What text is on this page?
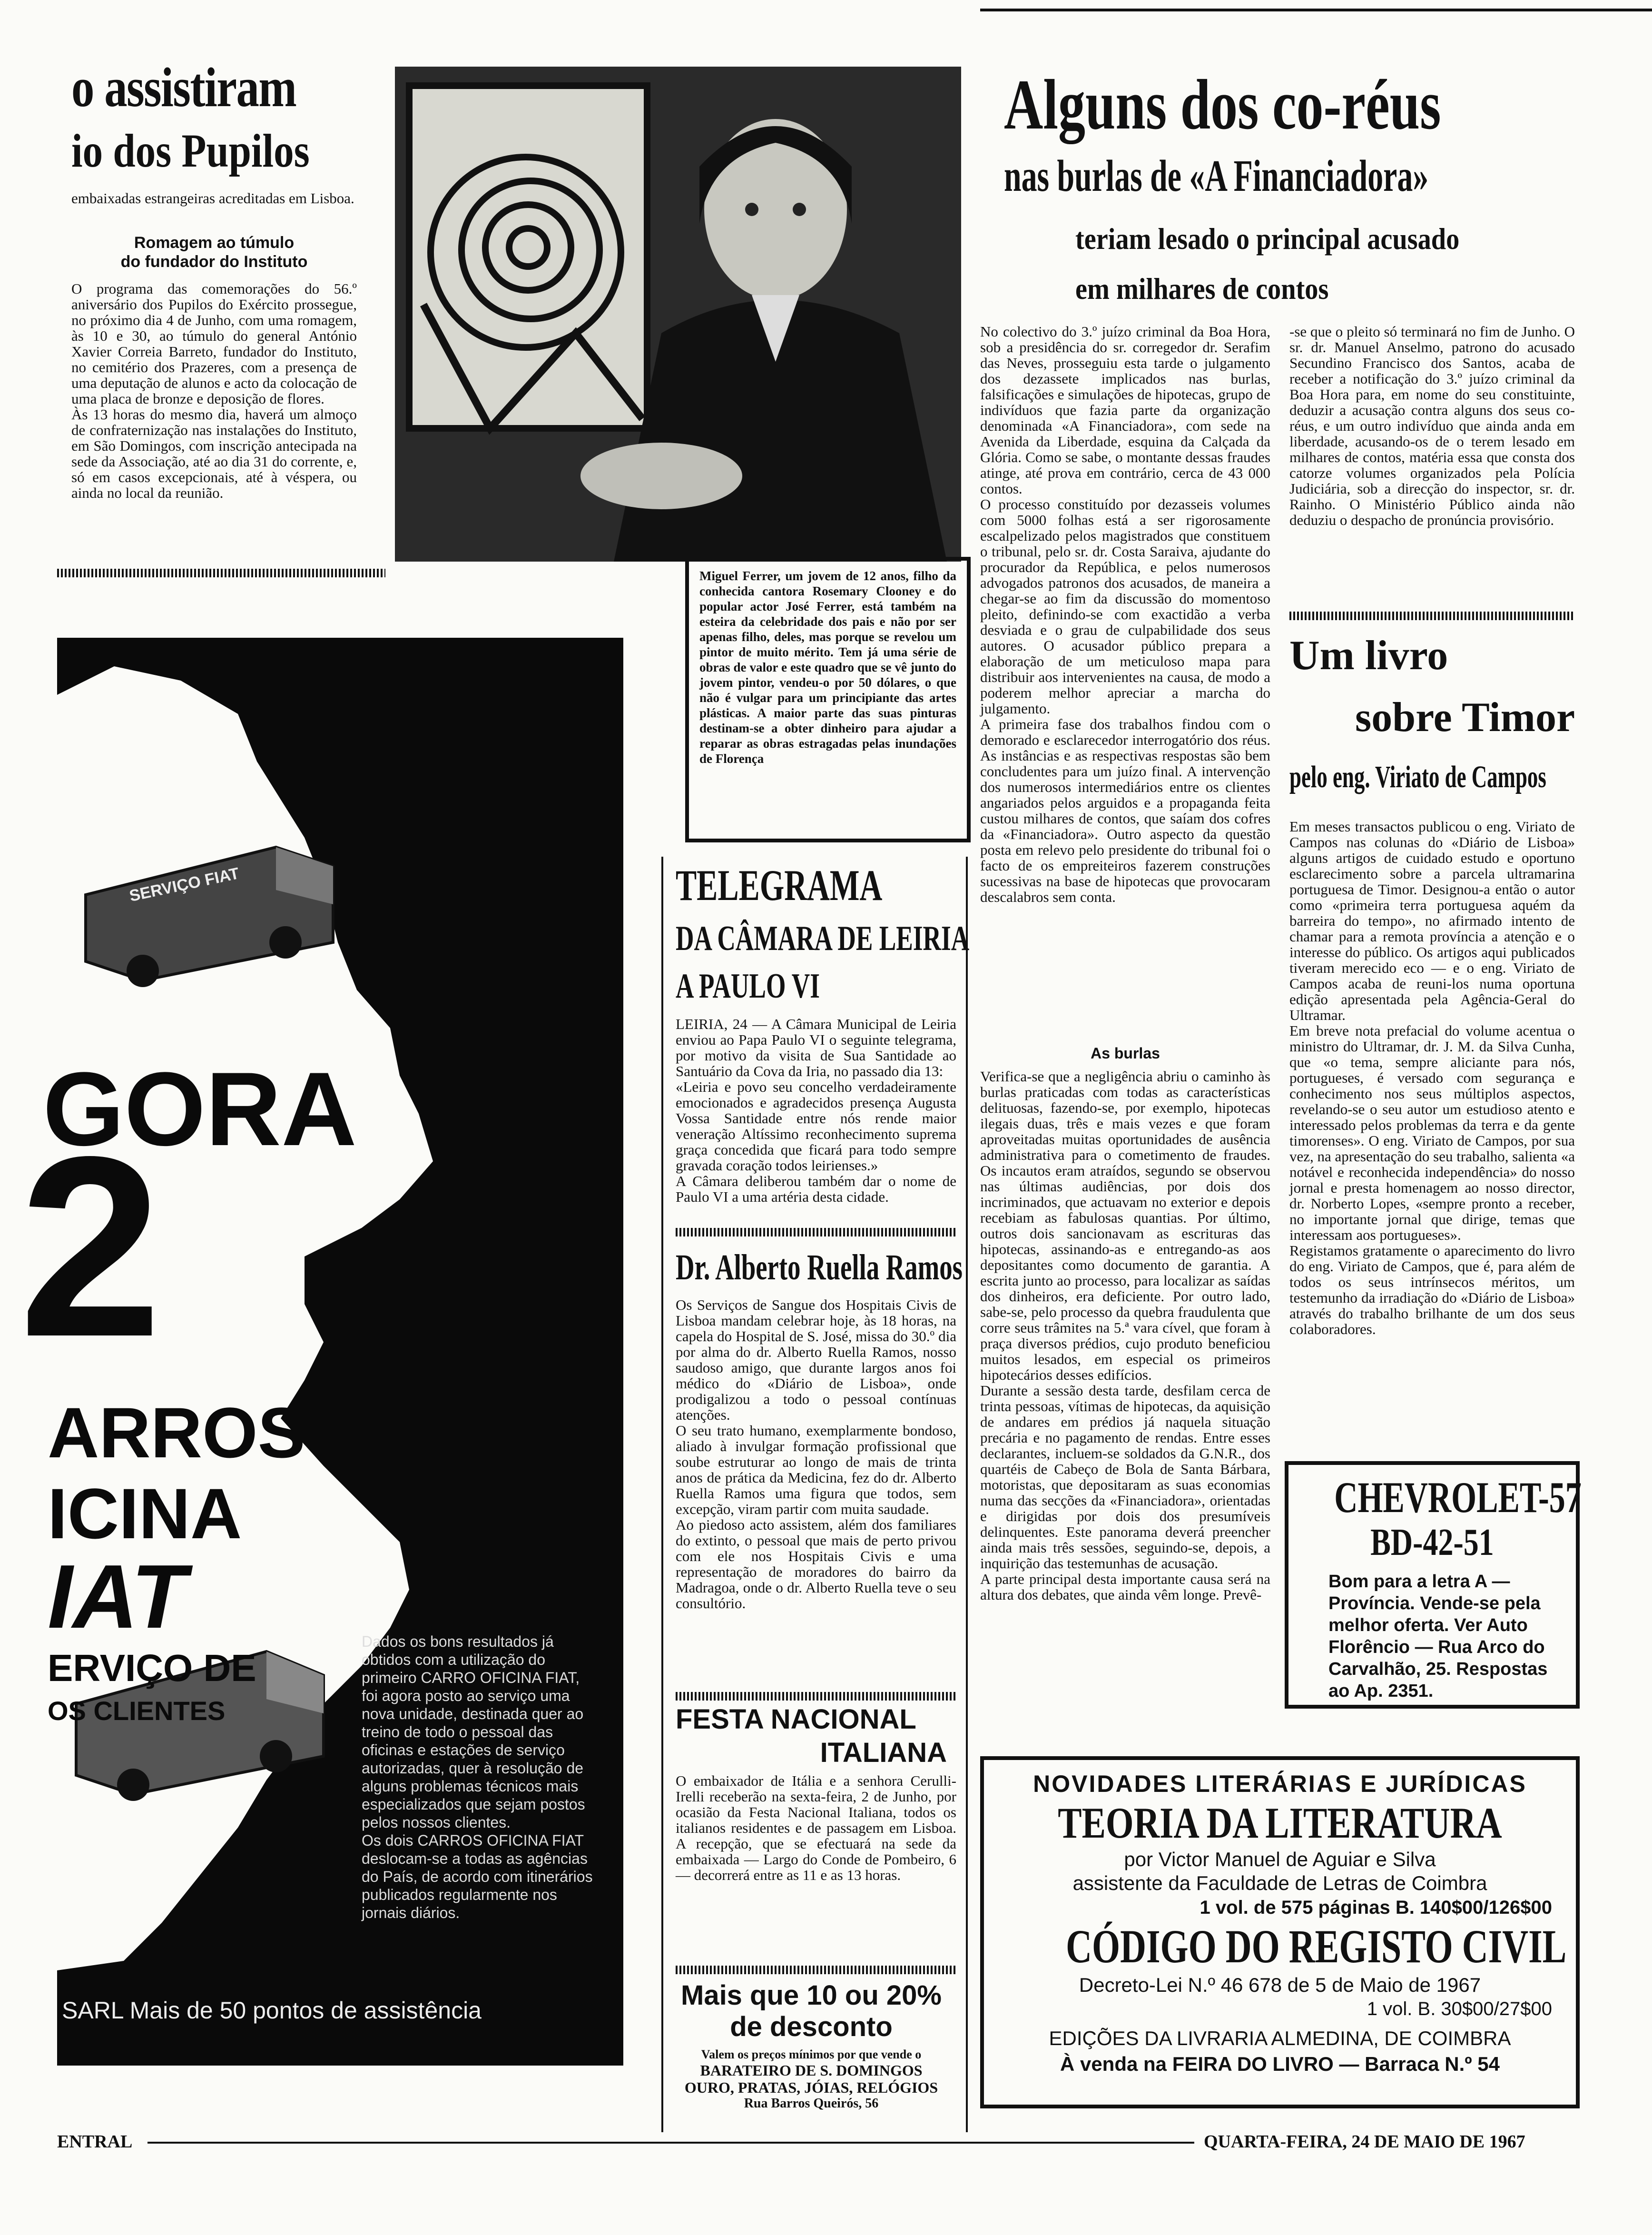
o assistiram
io dos Pupilos
embaixadas estrangeiras acreditadas em Lisboa.
Romagem ao túmulo
do fundador do Instituto
O programa das comemorações do 56.º aniversário dos Pupilos do Exército prossegue, no próximo dia 4 de Junho, com uma romagem, às 10 e 30, ao túmulo do general António Xavier Correia Barreto, fundador do Instituto, no cemitério dos Prazeres, com a presença de uma deputação de alunos e acto da colocação de uma placa de bronze e deposição de flores.
Às 13 horas do mesmo dia, haverá um almoço de confraternização nas instalações do Instituto, em São Domingos, com inscrição antecipada na sede da Associação, até ao dia 31 do corrente, e, só em casos excepcionais, até à véspera, ou ainda no local da reunião.
Miguel Ferrer, um jovem de 12 anos, filho da conhecida cantora Rosemary Clooney e do popular actor José Ferrer, está também na esteira da celebridade dos pais e não por ser apenas filho, deles, mas porque se revelou um pintor de muito mérito. Tem já uma série de obras de valor e este quadro que se vê junto do jovem pintor, vendeu-o por 50 dólares, o que não é vulgar para um principiante das artes plásticas. A maior parte das suas pinturas destinam-se a obter dinheiro para ajudar a reparar as obras estragadas pelas inundações de Florença
SERVIÇO FIAT
GORA
2
ARROS
ICINA
IAT
ERVIÇO DE
OS CLIENTES
Dados os bons resultados já obtidos com a utilização do primeiro CARRO OFICINA FIAT, foi agora posto ao serviço uma nova unidade, destinada quer ao treino de todo o pessoal das oficinas e estações de serviço autorizadas, quer à resolução de alguns problemas técnicos mais especializados que sejam postos pelos nossos clientes.
Os dois CARROS OFICINA FIAT deslocam-se a todas as agências do País, de acordo com itinerários publicados regularmente nos jornais diários.
SARL Mais de 50 pontos de assistência
TELEGRAMA
DA CÂMARA DE LEIRIA
A PAULO VI
LEIRIA, 24 — A Câmara Municipal de Leiria enviou ao Papa Paulo VI o seguinte telegrama, por motivo da visita de Sua Santidade ao Santuário da Cova da Iria, no passado dia 13:
«Leiria e povo seu concelho verdadeiramente emocionados e agradecidos presença Augusta Vossa Santidade entre nós rende maior veneração Altíssimo reconhecimento suprema graça concedida que ficará para todo sempre gravada coração todos leirienses.»
A Câmara deliberou também dar o nome de Paulo VI a uma artéria desta cidade.
Dr. Alberto Ruella Ramos
Os Serviços de Sangue dos Hospitais Civis de Lisboa mandam celebrar hoje, às 18 horas, na capela do Hospital de S. José, missa do 30.º dia por alma do dr. Alberto Ruella Ramos, nosso saudoso amigo, que durante largos anos foi médico do «Diário de Lisboa», onde prodigalizou a todo o pessoal contínuas atenções.
O seu trato humano, exemplarmente bondoso, aliado à invulgar formação profissional que soube estruturar ao longo de mais de trinta anos de prática da Medicina, fez do dr. Alberto Ruella Ramos uma figura que todos, sem excepção, viram partir com muita saudade.
Ao piedoso acto assistem, além dos familiares do extinto, o pessoal que mais de perto privou com ele nos Hospitais Civis e uma representação de moradores do bairro da Madragoa, onde o dr. Alberto Ruella teve o seu consultório.
FESTA NACIONAL
ITALIANA
O embaixador de Itália e a senhora Cerulli-Irelli receberão na sexta-feira, 2 de Junho, por ocasião da Festa Nacional Italiana, todos os italianos residentes e de passagem em Lisboa. A recepção, que se efectuará na sede da embaixada — Largo do Conde de Pombeiro, 6 — decorrerá entre as 11 e as 13 horas.
Mais que 10 ou 20%
de desconto
Valem os preços mínimos por que vende o
BARATEIRO DE S. DOMINGOS
OURO, PRATAS, JÓIAS, RELÓGIOS
Rua Barros Queirós, 56
Alguns dos co-réus
nas burlas de «A Financiadora»
teriam lesado o principal acusado
em milhares de contos
No colectivo do 3.º juízo criminal da Boa Hora, sob a presidência do sr. corregedor dr. Serafim das Neves, prosseguiu esta tarde o julgamento dos dezassete implicados nas burlas, falsificações e simulações de hipotecas, grupo de indivíduos que fazia parte da organização denominada «A Financiadora», com sede na Avenida da Liberdade, esquina da Calçada da Glória. Como se sabe, o montante dessas fraudes atinge, até prova em contrário, cerca de 43 000 contos.
O processo constituído por dezasseis volumes com 5000 folhas está a ser rigorosamente escalpelizado pelos magistrados que constituem o tribunal, pelo sr. dr. Costa Saraiva, ajudante do procurador da República, e pelos numerosos advogados patronos dos acusados, de maneira a chegar-se ao fim da discussão do momentoso pleito, definindo-se com exactidão a verba desviada e o grau de culpabilidade dos seus autores. O acusador público prepara a elaboração de um meticuloso mapa para distribuir aos intervenientes na causa, de modo a poderem melhor apreciar a marcha do julgamento.
A primeira fase dos trabalhos findou com o demorado e esclarecedor interrogatório dos réus. As instâncias e as respectivas respostas são bem concludentes para um juízo final. A intervenção dos numerosos intermediários entre os clientes angariados pelos arguidos e a propaganda feita custou milhares de contos, que saíam dos cofres da «Financiadora». Outro aspecto da questão posta em relevo pelo presidente do tribunal foi o facto de os empreiteiros fazerem construções sucessivas na base de hipotecas que provocaram descalabros sem conta.
As burlas
Verifica-se que a negligência abriu o caminho às burlas praticadas com todas as características delituosas, fazendo-se, por exemplo, hipotecas ilegais duas, três e mais vezes e que foram aproveitadas muitas oportunidades de ausência administrativa para o cometimento de fraudes. Os incautos eram atraídos, segundo se observou nas últimas audiências, por dois dos incriminados, que actuavam no exterior e depois recebiam as fabulosas quantias. Por último, outros dois sancionavam as escrituras das hipotecas, assinando-as e entregando-as aos depositantes como documento de garantia. A escrita junto ao processo, para localizar as saídas dos dinheiros, era deficiente. Por outro lado, sabe-se, pelo processo da quebra fraudulenta que corre seus trâmites na 5.ª vara cível, que foram à praça diversos prédios, cujo produto beneficiou muitos lesados, em especial os primeiros hipotecários desses edifícios.
Durante a sessão desta tarde, desfilam cerca de trinta pessoas, vítimas de hipotecas, da aquisição de andares em prédios já naquela situação precária e no pagamento de rendas. Entre esses declarantes, incluem-se soldados da G.N.R., dos quartéis de Cabeço de Bola de Santa Bárbara, motoristas, que depositaram as suas economias numa das secções da «Financiadora», orientadas e dirigidas por dois dos presumíveis delinquentes. Este panorama deverá preencher ainda mais três sessões, seguindo-se, depois, a inquirição das testemunhas de acusação.
A parte principal desta importante causa será na altura dos debates, que ainda vêm longe. Prevê-
-se que o pleito só terminará no fim de Junho. O sr. dr. Manuel Anselmo, patrono do acusado Secundino Francisco dos Santos, acaba de receber a notificação do 3.º juízo criminal da Boa Hora para, em nome do seu constituinte, deduzir a acusação contra alguns dos seus co-réus, e um outro indivíduo que ainda anda em liberdade, acusando-os de o terem lesado em milhares de contos, matéria essa que consta dos catorze volumes organizados pela Polícia Judiciária, sob a direcção do inspector, sr. dr. Rainho. O Ministério Público ainda não deduziu o despacho de pronúncia provisório.
Um livro
sobre Timor
pelo eng. Viriato de Campos
Em meses transactos publicou o eng. Viriato de Campos nas colunas do «Diário de Lisboa» alguns artigos de cuidado estudo e oportuno esclarecimento sobre a parcela ultramarina portuguesa de Timor. Designou-a então o autor como «primeira terra portuguesa aquém da barreira do tempo», no afirmado intento de chamar para a remota província a atenção e o interesse do público. Os artigos aqui publicados tiveram merecido eco — e o eng. Viriato de Campos acaba de reuni-los numa oportuna edição apresentada pela Agência-Geral do Ultramar.
Em breve nota prefacial do volume acentua o ministro do Ultramar, dr. J. M. da Silva Cunha, que «o tema, sempre aliciante para nós, portugueses, é versado com segurança e conhecimento nos seus múltiplos aspectos, revelando-se o seu autor um estudioso atento e interessado pelos problemas da terra e da gente timorenses». O eng. Viriato de Campos, por sua vez, na apresentação do seu trabalho, salienta «a notável e reconhecida independência» do nosso jornal e presta homenagem ao nosso director, dr. Norberto Lopes, «sempre pronto a receber, no importante jornal que dirige, temas que interessam aos portugueses».
Registamos gratamente o aparecimento do livro do eng. Viriato de Campos, que é, para além de todos os seus intrínsecos méritos, um testemunho da irradiação do «Diário de Lisboa» através do trabalho brilhante de um dos seus colaboradores.
CHEVROLET-57
BD-42-51
Bom para a letra A — Província. Vende-se pela melhor oferta. Ver Auto Florêncio — Rua Arco do Carvalhão, 25. Respostas ao Ap. 2351.
NOVIDADES LITERÁRIAS E JURÍDICAS
TEORIA DA LITERATURA
por Victor Manuel de Aguiar e Silva
assistente da Faculdade de Letras de Coimbra
1 vol. de 575 páginas B. 140$00/126$00
CÓDIGO DO REGISTO CIVIL
Decreto-Lei N.º 46 678 de 5 de Maio de 1967
1 vol. B. 30$00/27$00
EDIÇÕES DA LIVRARIA ALMEDINA, DE COIMBRA
À venda na FEIRA DO LIVRO — Barraca N.º 54
ENTRAL	QUARTA-FEIRA, 24 DE MAIO DE 1967
